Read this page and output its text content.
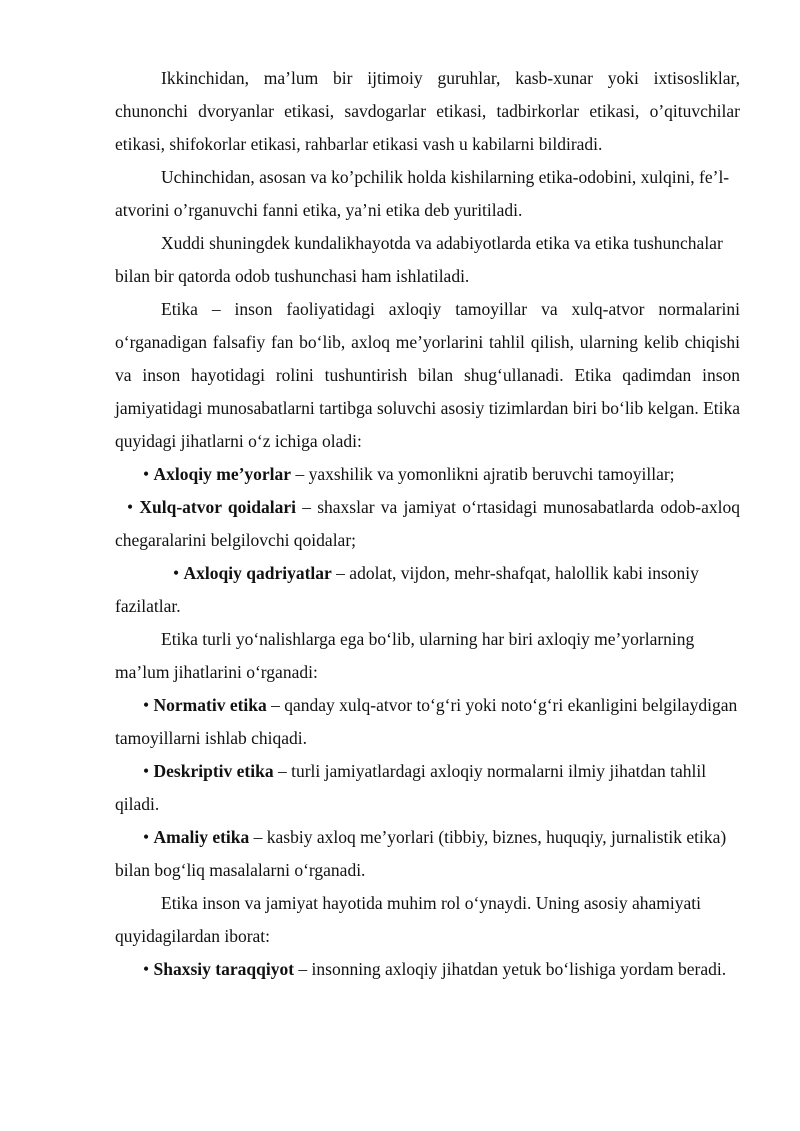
Ikkinchidan, ma’lum bir ijtimoiy guruhlar, kasb-xunar yoki ixtisosliklar, chunonchi dvoryanlar etikasi, savdogarlar etikasi, tadbirkorlar etikasi, o’qituvchilar etikasi, shifokorlar etikasi, rahbarlar etikasi vash u kabilarni bildiradi.

Uchinchidan, asosan va ko’pchilik holda kishilarning etika-odobini, xulqini, fe’l-atvorini o’rganuvchi fanni etika, ya’ni etika deb yuritiladi.

Xuddi shuningdek kundalikhayotda va adabiyotlarda etika va etika tushunchalar bilan bir qatorda odob tushunchasi ham ishlatiladi.

Etika – inson faoliyatidagi axloqiy tamoyillar va xulq-atvor normalarini o‘rganadigan falsafiy fan bo‘lib, axloq me’yorlarini tahlil qilish, ularning kelib chiqishi va inson hayotidagi rolini tushuntirish bilan shug‘ullanadi. Etika qadimdan inson jamiyatidagi munosabatlarni tartibga soluvchi asosiy tizimlardan biri bo‘lib kelgan. Etika quyidagi jihatlarni o‘z ichiga oladi:

• Axloqiy me’yorlar – yaxshilik va yomonlikni ajratib beruvchi tamoyillar;

• Xulq-atvor qoidalari – shaxslar va jamiyat o‘rtasidagi munosabatlarda odob-axloq chegaralarini belgilovchi qoidalar;

• Axloqiy qadriyatlar – adolat, vijdon, mehr-shafqat, halollik kabi insoniy fazilatlar.

Etika turli yo‘nalishlarga ega bo‘lib, ularning har biri axloqiy me’yorlarning ma’lum jihatlarini o‘rganadi:

• Normativ etika – qanday xulq-atvor to‘g‘ri yoki noto‘g‘ri ekanligini belgilaydigan tamoyillarni ishlab chiqadi.

• Deskriptiv etika – turli jamiyatlardagi axloqiy normalarni ilmiy jihatdan tahlil qiladi.

• Amaliy etika – kasbiy axloq me’yorlari (tibbiy, biznes, huquqiy, jurnalistik etika) bilan bog‘liq masalalarni o‘rganadi.

Etika inson va jamiyat hayotida muhim rol o‘ynaydi. Uning asosiy ahamiyati quyidagilardan iborat:

• Shaxsiy taraqqiyot – insonning axloqiy jihatdan yetuk bo‘lishiga yordam beradi.
